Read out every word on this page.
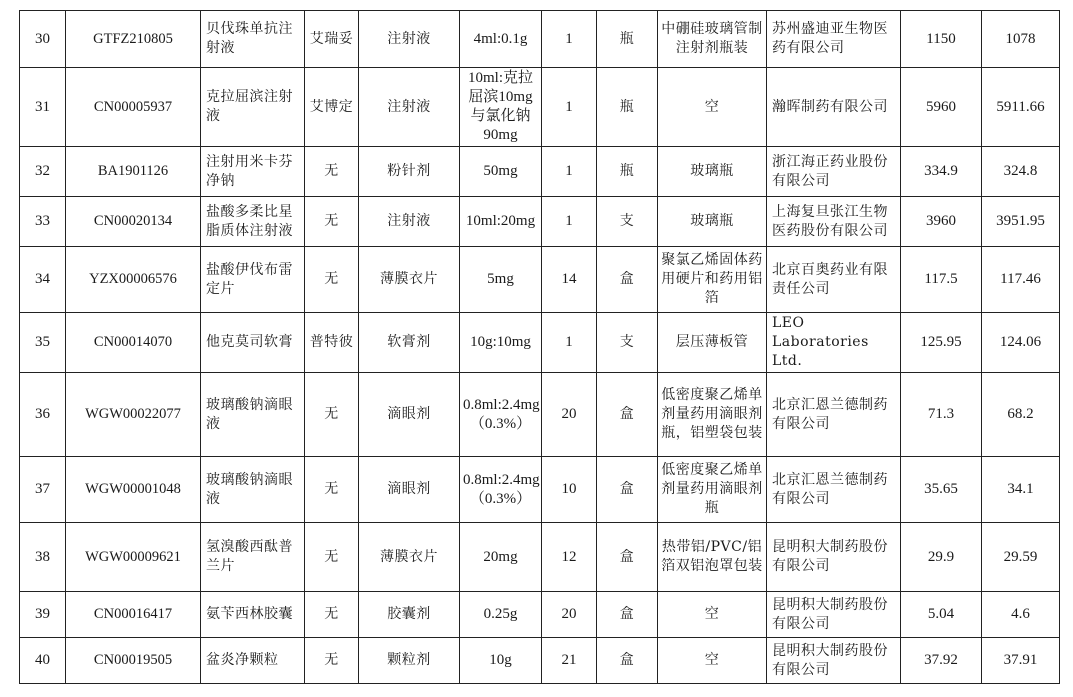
30	GTFZ210805	贝伐珠单抗注射液	艾瑞妥	注射液	4ml:0.1g	1	瓶	中硼硅玻璃管制注射剂瓶装	苏州盛迪亚生物医药有限公司	1150	1078
31	CN00005937	克拉屈滨注射液	艾博定	注射液	10ml:克拉屈滨10mg与氯化钠90mg	1	瓶	空	瀚晖制药有限公司	5960	5911.66
32	BA1901126	注射用米卡芬净钠	无	粉针剂	50mg	1	瓶	玻璃瓶	浙江海正药业股份有限公司	334.9	324.8
33	CN00020134	盐酸多柔比星脂质体注射液	无	注射液	10ml:20mg	1	支	玻璃瓶	上海复旦张江生物医药股份有限公司	3960	3951.95
34	YZX00006576	盐酸伊伐布雷定片	无	薄膜衣片	5mg	14	盒	聚氯乙烯固体药用硬片和药用铝箔	北京百奥药业有限责任公司	117.5	117.46
35	CN00014070	他克莫司软膏	普特彼	软膏剂	10g:10mg	1	支	层压薄板管	LEO Laboratories Ltd.	125.95	124.06
36	WGW00022077	玻璃酸钠滴眼液	无	滴眼剂	0.8ml:2.4mg（0.3%）	20	盒	低密度聚乙烯单剂量药用滴眼剂瓶，铝塑袋包装	北京汇恩兰德制药有限公司	71.3	68.2
37	WGW00001048	玻璃酸钠滴眼液	无	滴眼剂	0.8ml:2.4mg（0.3%）	10	盒	低密度聚乙烯单剂量药用滴眼剂瓶	北京汇恩兰德制药有限公司	35.65	34.1
38	WGW00009621	氢溴酸西酞普兰片	无	薄膜衣片	20mg	12	盒	热带铝/PVC/铝箔双铝泡罩包装	昆明积大制药股份有限公司	29.9	29.59
39	CN00016417	氨苄西林胶囊	无	胶囊剂	0.25g	20	盒	空	昆明积大制药股份有限公司	5.04	4.6
40	CN00019505	盆炎净颗粒	无	颗粒剂	10g	21	盒	空	昆明积大制药股份有限公司	37.92	37.91
